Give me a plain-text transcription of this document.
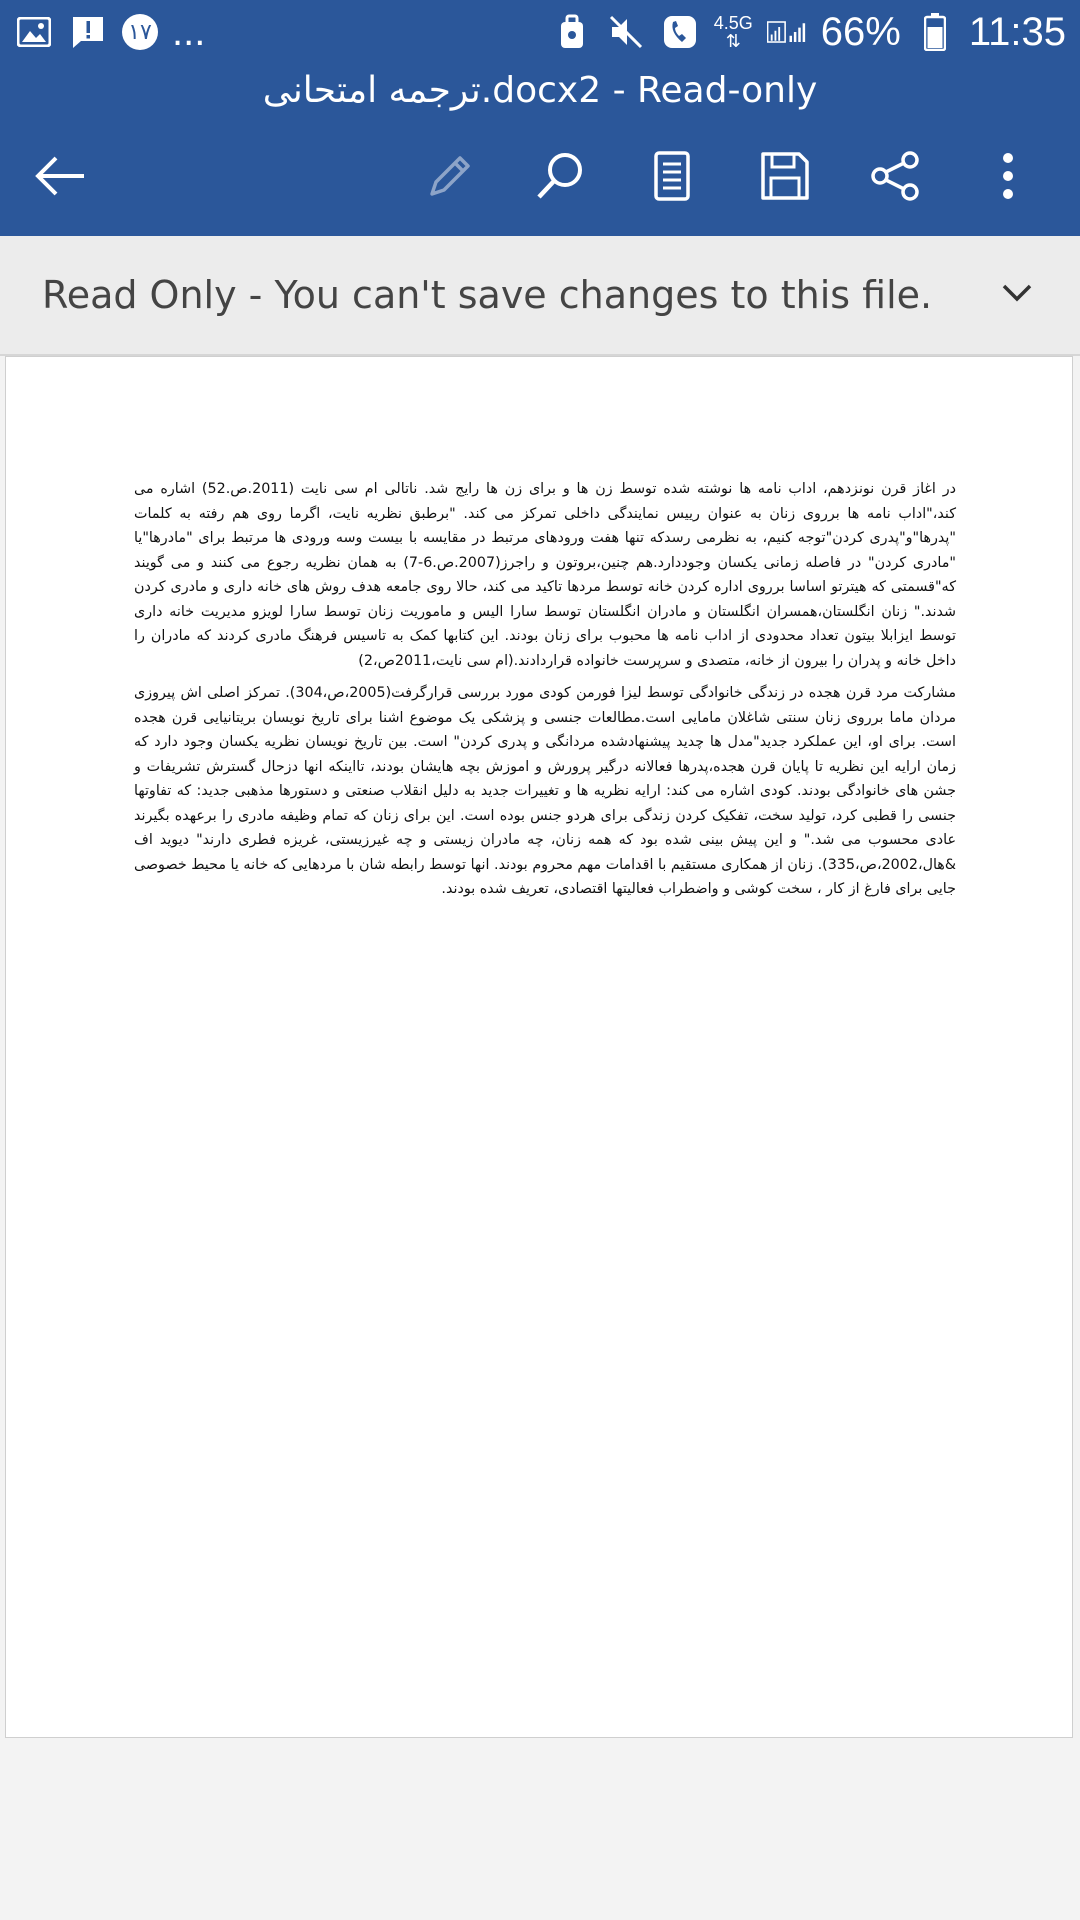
١٧ ...	4.5G
⇅ 66% 11:35
ترجمه امتحانی.docx2 - Read-only
Read Only - You can't save changes to this file.

در اغاز قرن نونزدهم، اداب نامه ها نوشته شده توسط زن ها و برای زن ها رایج شد. ناتالی ام سی نایت (2011.ص.52) اشاره می کند،"اداب نامه ها برروی زنان به عنوان رییس نمایندگی داخلی تمرکز می کند. "برطبق نظریه نایت، اگرما روی هم رفته به کلمات "پدرها"و"پدری کردن"توجه کنیم، به نظرمی رسدکه تنها هفت ورودهای مرتبط در مقایسه با بیست وسه ورودی ها مرتبط برای "مادرها"یا "مادری کردن" در فاصله زمانی یکسان وجوددارد.هم چنین،بروتون و راجرز(2007.ص.6-7) به همان نظریه رجوع می کنند و می گویند که"قسمتی که هیترتو اساسا برروی اداره کردن خانه توسط مردها تاکید می کند، حالا روی جامعه هدف روش های خانه داری و مادری کردن شدند." زنان انگلستان،همسران انگلستان و مادران انگلستان توسط سارا الیس و ماموریت زنان توسط سارا لویزو مدیریت خانه داری توسط ایزابلا بیتون تعداد محدودی از اداب نامه ها محبوب برای زنان بودند. این کتابها کمک به تاسیس فرهنگ مادری کردند که مادران را داخل خانه و پدران را بیرون از خانه، متصدی و سرپرست خانواده قراردادند.(ام سی نایت،2011ص،2)

مشارکت مرد قرن هجده در زندگی خانوادگی توسط لیزا فورمن کودی مورد بررسی قرارگرفت(2005،ص،304). تمرکز اصلی اش پیروزی مردان ماما برروی زنان سنتی شاغلان مامایی است.مطالعات جنسی و پزشکی یک موضوع اشنا برای تاریخ نویسان بریتانیایی قرن هجده است. برای او، این عملکرد جدید"مدل ها چدید پیشنهادشده مردانگی و پدری کردن" است. بین تاریخ نویسان نظریه یکسان وجود دارد که زمان ارایه این نظریه تا پایان قرن هجده،پدرها فعالانه درگیر پرورش و اموزش بچه هایشان بودند، تااینکه انها دزحال گسترش تشریفات و جشن های خانوادگی بودند. کودی اشاره می کند: ارایه نظریه ها و تغییرات جدید به دلیل انقلاب صنعتی و دستورها مذهبی جدید: که تفاوتها جنسی را قطبی کرد، تولید سخت، تفکیک کردن زندگی برای هردو جنس بوده است. این برای زنان که تمام وظیفه مادری را برعهده بگیرند عادی محسوب می شد." و این پیش بینی شده بود که همه زنان، چه مادران زیستی و چه غیرزیستی، غریزه فطری دارند" دیوید اف &هال،2002،ص،335). زنان از همکاری مستقیم با اقدامات مهم محروم بودند. انها توسط رابطه شان با مردهایی که خانه یا محیط خصوصی جایی برای فارغ از کار ، سخت کوشی و واضطراب فعالیتها اقتصادی، تعریف شده بودند.
